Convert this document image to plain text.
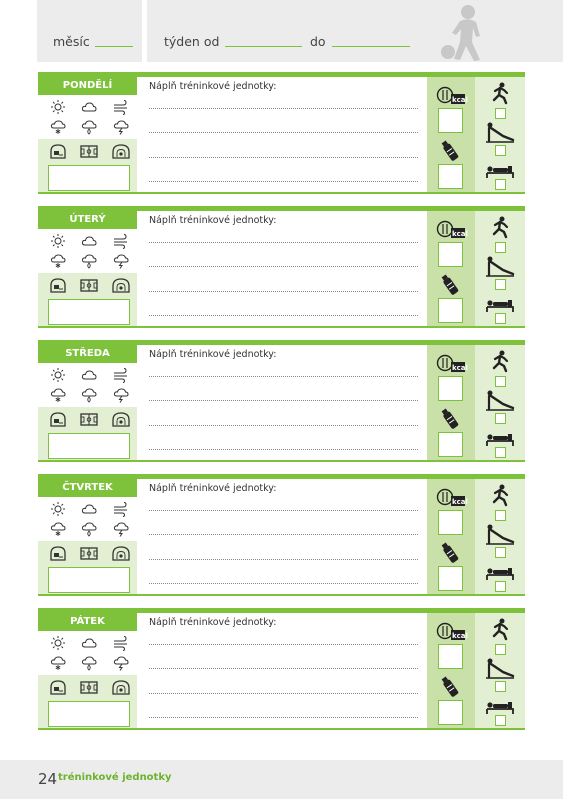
měsíc	týden od	do
PONDĚLÍ	Náplň tréninkové jednotky:
kcal
ÚTERÝ	Náplň tréninkové jednotky:
kcal
STŘEDA	Náplň tréninkové jednotky:
kcal
ČTVRTEK	Náplň tréninkové jednotky:
kcal
PÁTEK	Náplň tréninkové jednotky:
kcal
24 tréninkové jednotky
